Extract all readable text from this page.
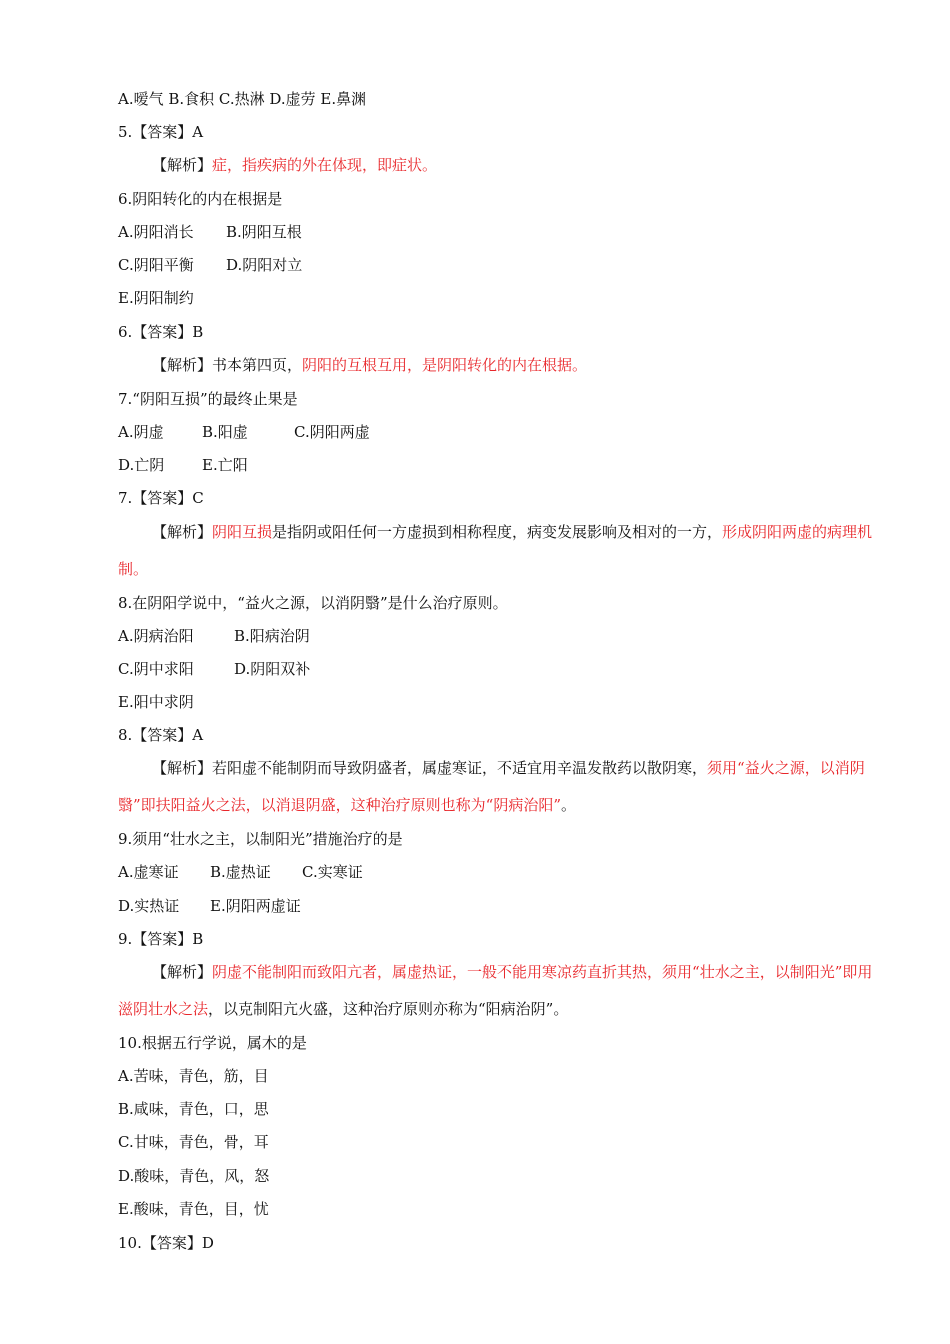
A.嗳气 B.食积 C.热淋 D.虚劳 E.鼻渊
5.【答案】A
【解析】症，指疾病的外在体现，即症状。
6.阴阳转化的内在根据是
A.阴阳消长 B.阴阳互根
C.阴阳平衡 D.阴阳对立
E.阴阳制约
6.【答案】B
【解析】书本第四页，阴阳的互根互用，是阴阳转化的内在根据。
7.“阴阳互损”的最终止果是
A.阴虚	B.阳虚	C.阴阳两虚
D.亡阴	E.亡阳
7.【答案】C
【解析】阴阳互损是指阴或阳任何一方虚损到相称程度，病变发展影响及相对的一方，形成阴阳两虚的病理机制。
8.在阴阳学说中，“益火之源，以消阴翳”是什么治疗原则。
A.阴病治阳	B.阳病治阴
C.阴中求阳	D.阴阳双补
E.阳中求阴
8.【答案】A
【解析】若阳虚不能制阴而导致阴盛者，属虚寒证，不适宜用辛温发散药以散阴寒，须用“益火之源，以消阴翳”即扶阳益火之法，以消退阴盛，这种治疗原则也称为“阴病治阳”。
9.须用“壮水之主，以制阳光”措施治疗的是
A.虚寒证 B.虚热证 C.实寒证
D.实热证 E.阴阳两虚证
9.【答案】B
【解析】阴虚不能制阳而致阳亢者，属虚热证，一般不能用寒凉药直折其热，须用“壮水之主，以制阳光”即用滋阴壮水之法，以克制阳亢火盛，这种治疗原则亦称为“阳病治阴”。
10.根据五行学说，属木的是
A.苦味，青色，筋，目
B.咸味，青色，口，思
C.甘味，青色，骨，耳
D.酸味，青色，风，怒
E.酸味，青色，目，忧
10.【答案】D
